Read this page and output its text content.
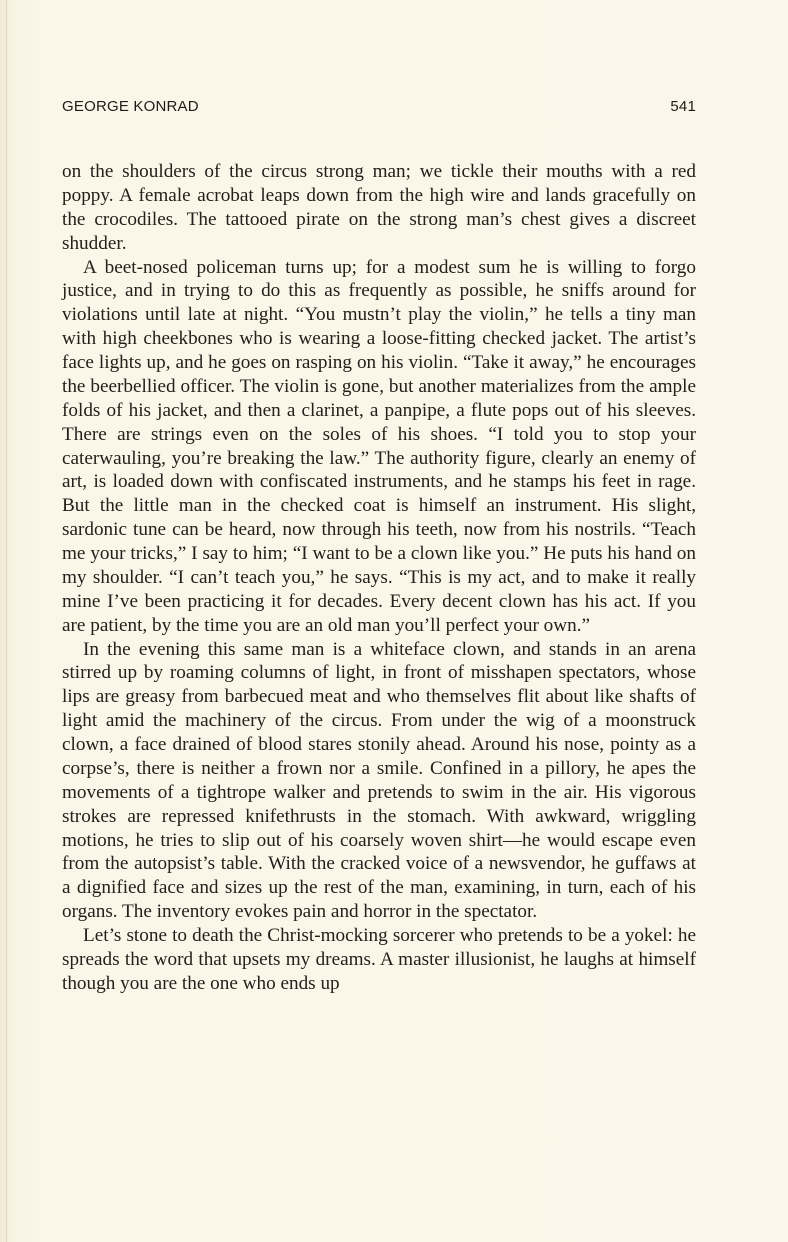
GEORGE KONRAD	541

on the shoulders of the circus strong man; we tickle their mouths with a red poppy. A female acrobat leaps down from the high wire and lands gracefully on the crocodiles. The tattooed pirate on the strong man’s chest gives a discreet shudder.

A beet-nosed policeman turns up; for a modest sum he is willing to forgo justice, and in trying to do this as frequently as possible, he sniffs around for violations until late at night. “You mustn’t play the violin,” he tells a tiny man with high cheekbones who is wearing a loose-fitting checked jacket. The artist’s face lights up, and he goes on rasping on his violin. “Take it away,” he encourages the beerbellied officer. The violin is gone, but another materializes from the ample folds of his jacket, and then a clarinet, a panpipe, a flute pops out of his sleeves. There are strings even on the soles of his shoes. “I told you to stop your caterwauling, you’re breaking the law.” The authority figure, clearly an enemy of art, is loaded down with confiscated instruments, and he stamps his feet in rage. But the little man in the checked coat is himself an instrument. His slight, sardonic tune can be heard, now through his teeth, now from his nostrils. “Teach me your tricks,” I say to him; “I want to be a clown like you.” He puts his hand on my shoulder. “I can’t teach you,” he says. “This is my act, and to make it really mine I’ve been practicing it for decades. Every decent clown has his act. If you are patient, by the time you are an old man you’ll perfect your own.”

In the evening this same man is a whiteface clown, and stands in an arena stirred up by roaming columns of light, in front of misshapen spectators, whose lips are greasy from barbecued meat and who themselves flit about like shafts of light amid the machinery of the circus. From under the wig of a moonstruck clown, a face drained of blood stares stonily ahead. Around his nose, pointy as a corpse’s, there is neither a frown nor a smile. Confined in a pillory, he apes the movements of a tightrope walker and pretends to swim in the air. His vigorous strokes are repressed knifethrusts in the stomach. With awkward, wriggling motions, he tries to slip out of his coarsely woven shirt—he would escape even from the autopsist’s table. With the cracked voice of a newsvendor, he guffaws at a dignified face and sizes up the rest of the man, examining, in turn, each of his organs. The inventory evokes pain and horror in the spectator.

Let’s stone to death the Christ-mocking sorcerer who pretends to be a yokel: he spreads the word that upsets my dreams. A master illusionist, he laughs at himself though you are the one who ends up
